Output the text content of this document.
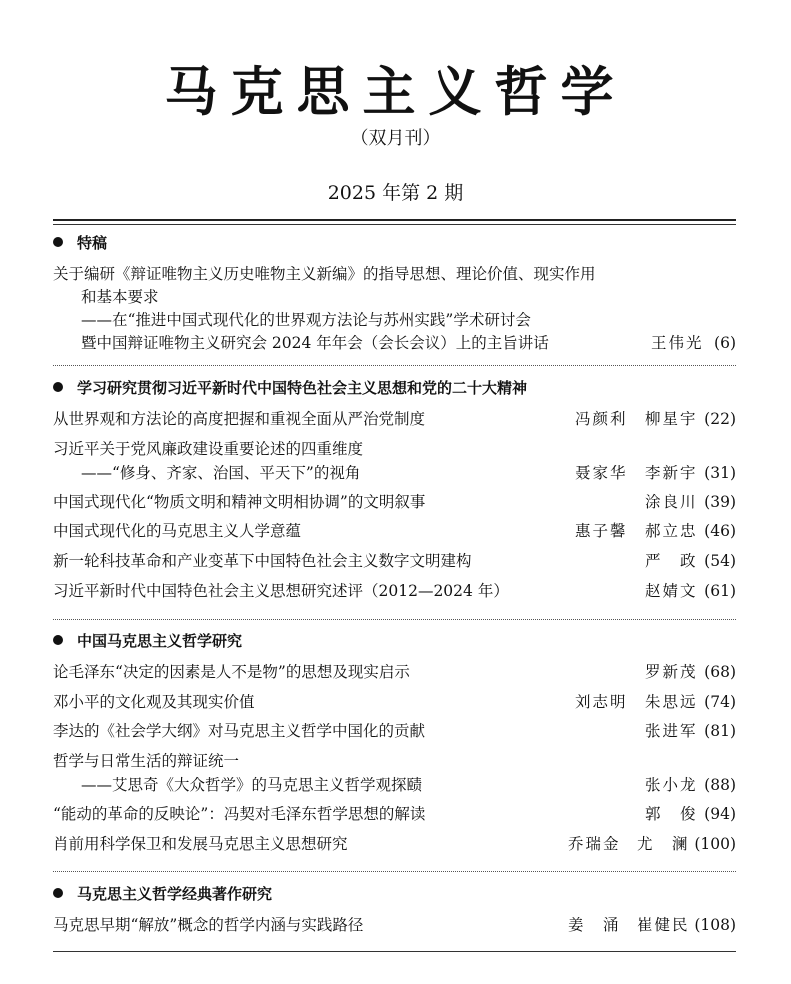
马克思主义哲学
（双月刊）
2025 年第 2 期
特稿
关于编研《辩证唯物主义历史唯物主义新编》的指导思想、理论价值、现实作用
和基本要求
——在“推进中国式现代化的世界观方法论与苏州实践”学术研讨会
暨中国辩证唯物主义研究会 2024 年年会（会长会议）上的主旨讲话	王伟光 (6)
学习研究贯彻习近平新时代中国特色社会主义思想和党的二十大精神
从世界观和方法论的高度把握和重视全面从严治党制度	冯颜利 柳星宇 (22)
习近平关于党风廉政建设重要论述的四重维度
——“修身、齐家、治国、平天下”的视角	聂家华 李新宇 (31)
中国式现代化“物质文明和精神文明相协调”的文明叙事	涂良川 (39)
中国式现代化的马克思主义人学意蕴	惠子馨 郝立忠 (46)
新一轮科技革命和产业变革下中国特色社会主义数字文明建构	严　政 (54)
习近平新时代中国特色社会主义思想研究述评（2012—2024 年）	赵婧文 (61)
中国马克思主义哲学研究
论毛泽东“决定的因素是人不是物”的思想及现实启示	罗新茂 (68)
邓小平的文化观及其现实价值	刘志明 朱思远 (74)
李达的《社会学大纲》对马克思主义哲学中国化的贡献	张进军 (81)
哲学与日常生活的辩证统一
——艾思奇《大众哲学》的马克思主义哲学观探赜	张小龙 (88)
“能动的革命的反映论”：冯契对毛泽东哲学思想的解读	郭　俊 (94)
肖前用科学保卫和发展马克思主义思想研究	乔瑞金 尤　澜 (100)
马克思主义哲学经典著作研究
马克思早期“解放”概念的哲学内涵与实践路径	姜　涌 崔健民 (108)
